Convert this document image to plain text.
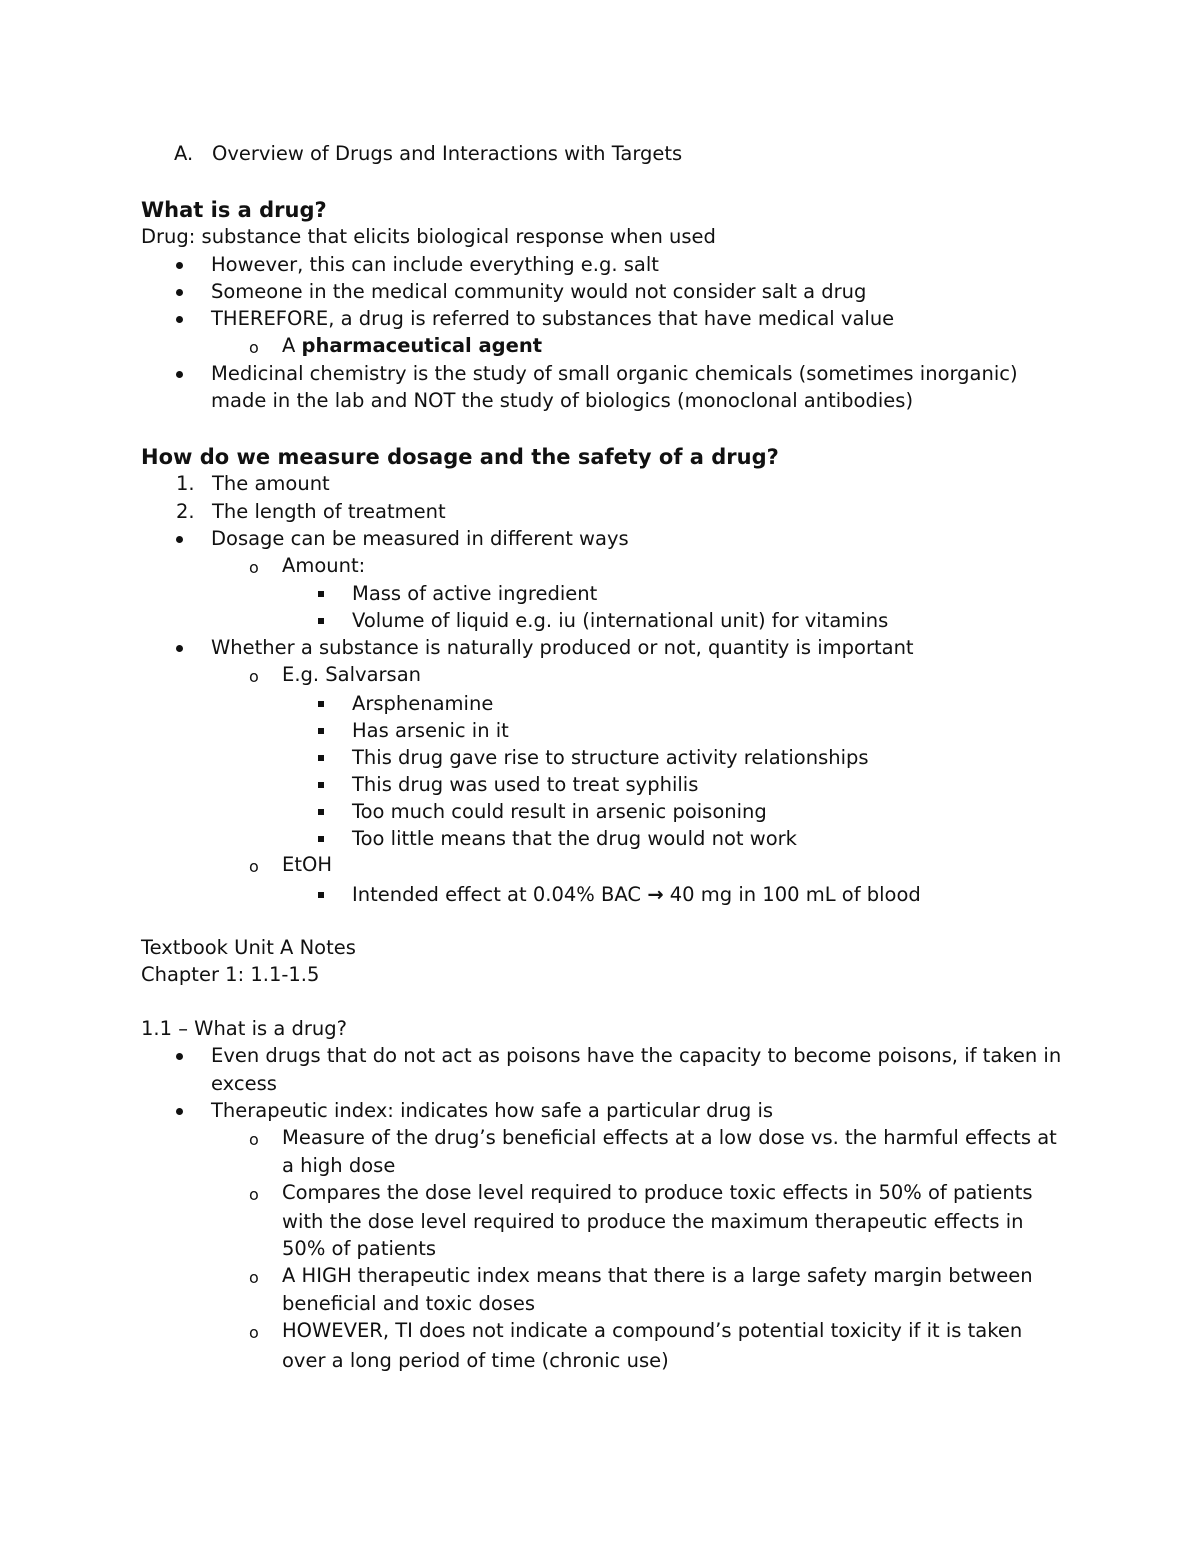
A. Overview of Drugs and Interactions with Targets
What is a drug?
Drug: substance that elicits biological response when used
However, this can include everything e.g. salt
Someone in the medical community would not consider salt a drug
THEREFORE, a drug is referred to substances that have medical value
o A pharmaceutical agent
Medicinal chemistry is the study of small organic chemicals (sometimes inorganic)
made in the lab and NOT the study of biologics (monoclonal antibodies)
How do we measure dosage and the safety of a drug?
1. The amount
2. The length of treatment
Dosage can be measured in different ways
o Amount:
Mass of active ingredient
Volume of liquid e.g. iu (international unit) for vitamins
Whether a substance is naturally produced or not, quantity is important
o E.g. Salvarsan
Arsphenamine
Has arsenic in it
This drug gave rise to structure activity relationships
This drug was used to treat syphilis
Too much could result in arsenic poisoning
Too little means that the drug would not work
o EtOH
Intended effect at 0.04% BAC → 40 mg in 100 mL of blood
Textbook Unit A Notes
Chapter 1: 1.1-1.5
1.1 – What is a drug?
Even drugs that do not act as poisons have the capacity to become poisons, if taken in
excess
Therapeutic index: indicates how safe a particular drug is
o Measure of the drug’s beneficial effects at a low dose vs. the harmful effects at
a high dose
o Compares the dose level required to produce toxic effects in 50% of patients
with the dose level required to produce the maximum therapeutic effects in
50% of patients
o A HIGH therapeutic index means that there is a large safety margin between
beneficial and toxic doses
o HOWEVER, TI does not indicate a compound’s potential toxicity if it is taken
over a long period of time (chronic use)
